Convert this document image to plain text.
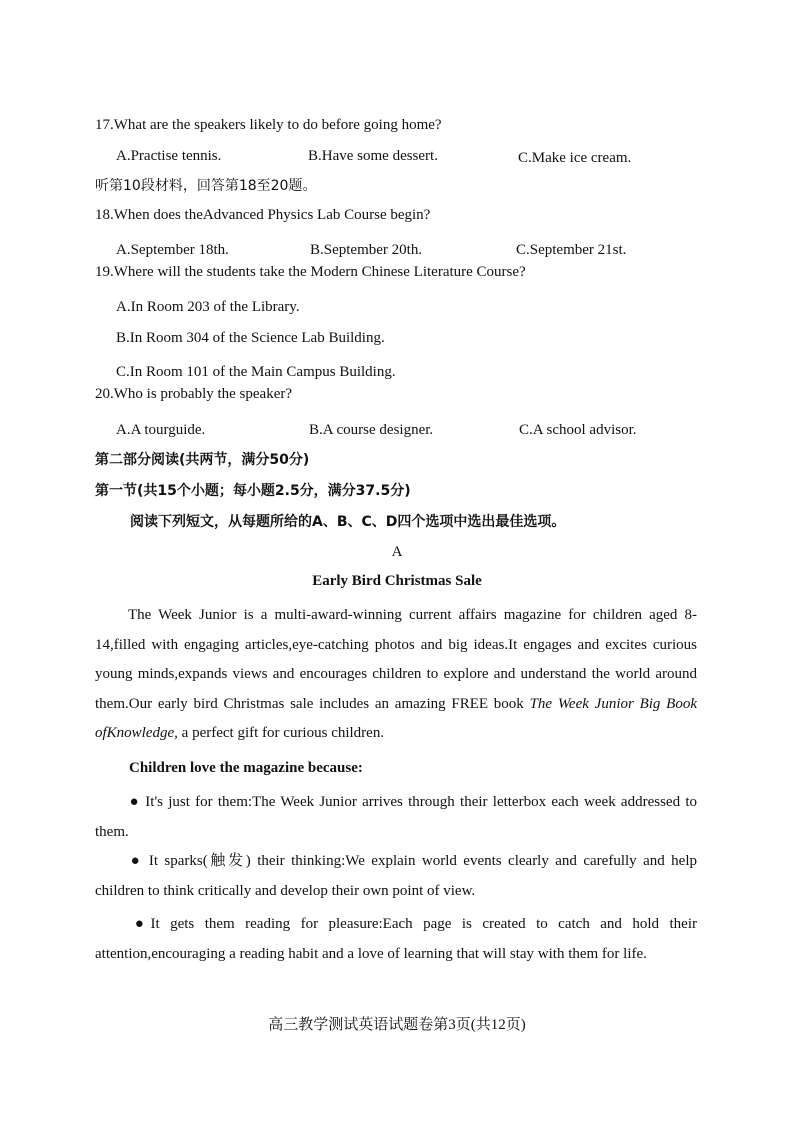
17.What are the speakers likely to do before going home?
A.Practise tennis.	B.Have some dessert.	C.Make ice cream.
听第10段材料，回答第18至20题。
18.When does theAdvanced Physics Lab Course begin?
A.September 18th.	B.September 20th.	C.September 21st.
19.Where will the students take the Modern Chinese Literature Course?
A.In Room 203 of the Library.
B.In Room 304 of the Science Lab Building.
C.In Room 101 of the Main Campus Building.
20.Who is probably the speaker?
A.A tourguide.	B.A course designer.	C.A school advisor.
第二部分阅读(共两节，满分50分)
第一节(共15个小题；每小题2.5分，满分37.5分)
阅读下列短文，从每题所给的A、B、C、D四个选项中选出最佳选项。
A
Early Bird Christmas Sale
The Week Junior is a multi-award-winning current affairs magazine for children aged 8-14,filled with engaging articles,eye-catching photos and big ideas.It engages and excites curious young minds,expands views and encourages children to explore and understand the world around them.Our early bird Christmas sale includes an amazing FREE book The Week Junior Big Book ofKnowledge, a perfect gift for curious children.
Children love the magazine because:
● It's just for them:The Week Junior arrives through their letterbox each week addressed to them.
● It sparks(触发) their thinking:We explain world events clearly and carefully and help children to think critically and develop their own point of view.
●It gets them reading for pleasure:Each page is created to catch and hold their attention,encouraging a reading habit and a love of learning that will stay with them for life.
高三教学测试英语试题卷第3页(共12页)
